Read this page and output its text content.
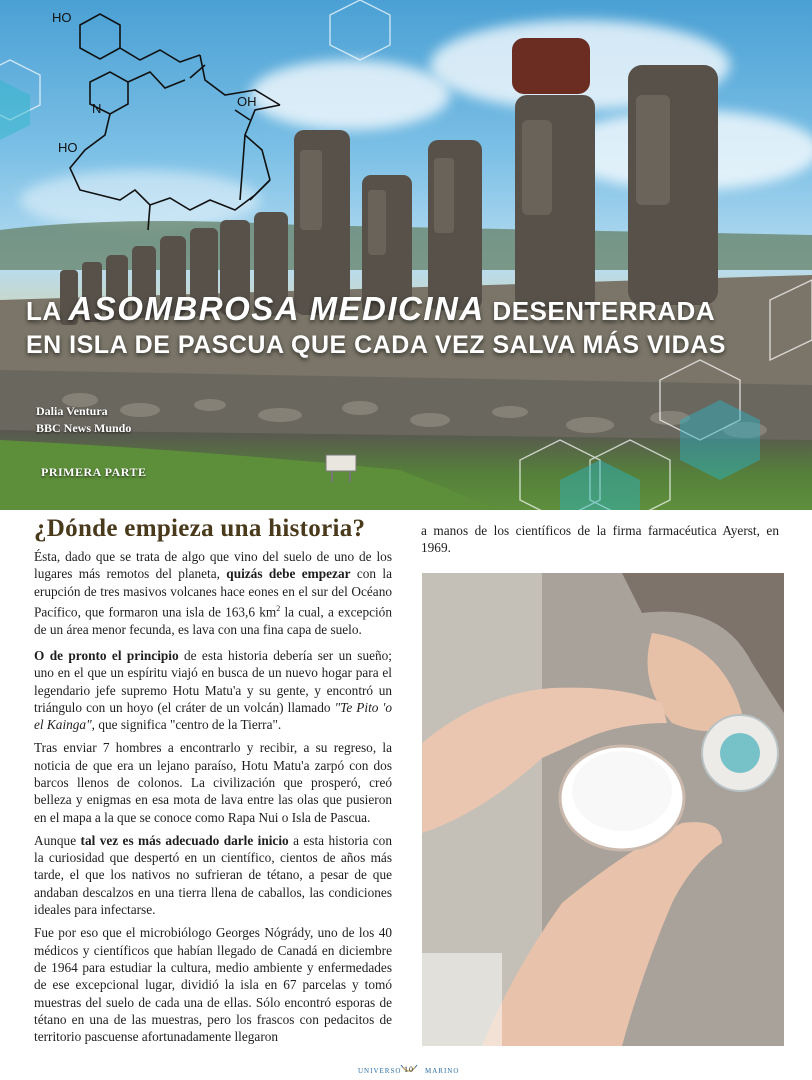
HO
OH
HO
N
LA ASOMBROSA MEDICINA DESENTERRADA
EN ISLA DE PASCUA QUE CADA VEZ SALVA MÁS VIDAS
Dalia Ventura
BBC News Mundo
PRIMERA PARTE
¿Dónde empieza una historia?

Ésta, dado que se trata de algo que vino del suelo de uno de los lugares más remotos del planeta, quizás debe empezar con la erupción de tres masivos volcanes hace eones en el sur del Océano Pacífico, que formaron una isla de 163,6 $km^2$ la cual, a excepción de un área menor fecunda, es lava con una fina capa de suelo.

O de pronto el principio de esta historia debería ser un sueño; uno en el que un espíritu viajó en busca de un nuevo hogar para el legendario jefe supremo Hotu Matu'a y su gente, y encontró un triángulo con un hoyo (el cráter de un volcán) llamado "Te Pito 'o el Kainga", que significa "centro de la Tierra".

Tras enviar 7 hombres a encontrarlo y recibir, a su regreso, la noticia de que era un lejano paraíso, Hotu Matu'a zarpó con dos barcos llenos de colonos. La civilización que prosperó, creó belleza y enigmas en esa mota de lava entre las olas que pusieron en el mapa a la que se conoce como Rapa Nui o Isla de Pascua.

Aunque tal vez es más adecuado darle inicio a esta historia con la curiosidad que despertó en un científico, cientos de años más tarde, el que los nativos no sufrieran de tétano, a pesar de que andaban descalzos en una tierra llena de caballos, las condiciones ideales para infectarse.

Fue por eso que el microbiólogo Georges Nógrády, uno de los 40 médicos y científicos que habían llegado de Canadá en diciembre de 1964 para estudiar la cultura, medio ambiente y enfermedades de ese excepcional lugar, dividió la isla en 67 parcelas y tomó muestras del suelo de cada una de ellas. Sólo encontró esporas de tétano en una de las muestras, pero los frascos con pedacitos de territorio pascuense afortunadamente llegaron

a manos de los científicos de la firma farmacéutica Ayerst, en 1969.

UNIVERSO 10 MARINO
